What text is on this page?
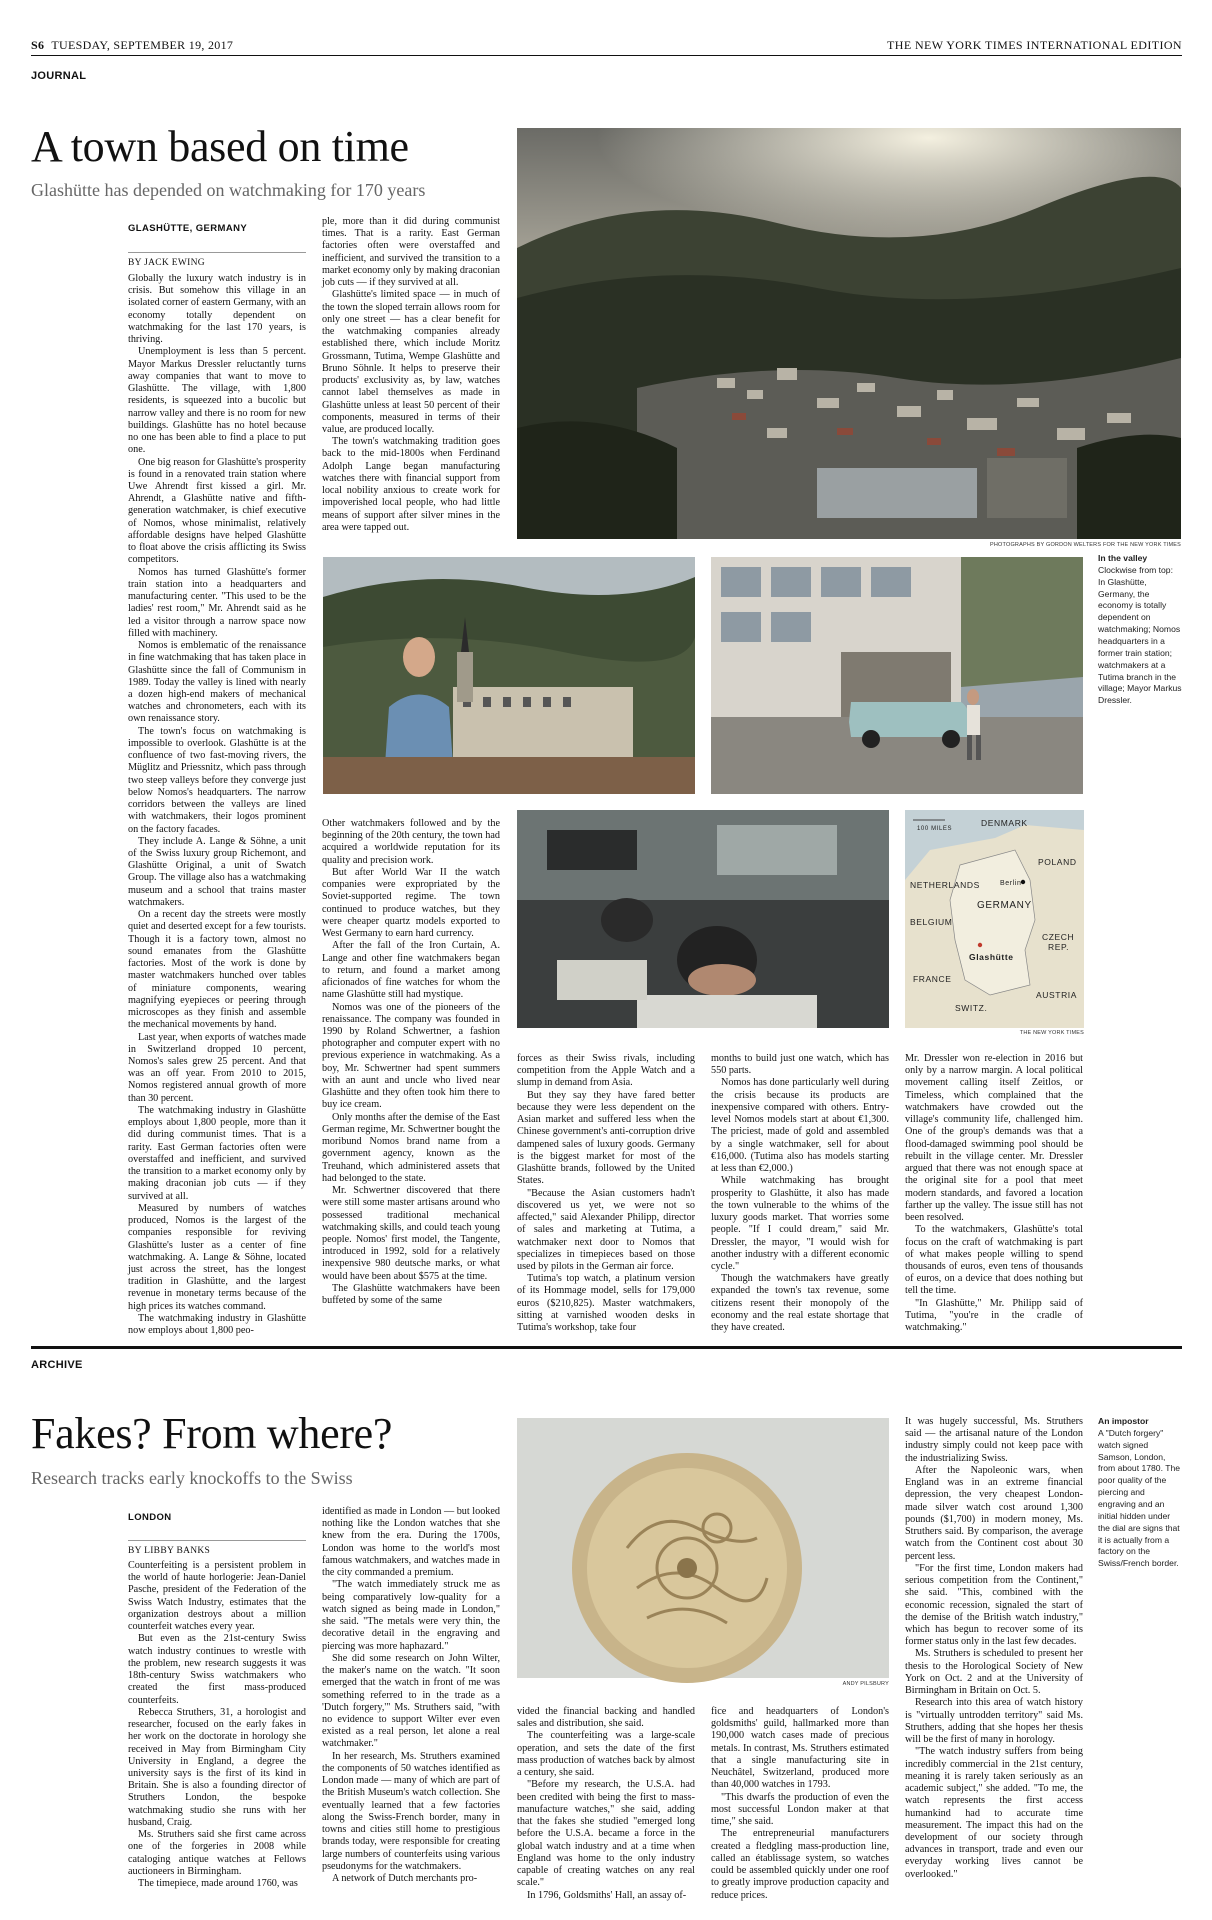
S6 TUESDAY, SEPTEMBER 19, 2017	THE NEW YORK TIMES INTERNATIONAL EDITION
JOURNAL
A town based on time
Glashütte has depended on watchmaking for 170 years
GLASHÜTTE, GERMANY
BY JACK EWING

Globally the luxury watch industry is in crisis. But somehow this village in an isolated corner of eastern Germany, with an economy totally dependent on watchmaking for the last 170 years, is thriving.

Unemployment is less than 5 percent. Mayor Markus Dressler reluctantly turns away companies that want to move to Glashütte. The village, with 1,800 residents, is squeezed into a bucolic but narrow valley and there is no room for new buildings. Glashütte has no hotel because no one has been able to find a place to put one.

One big reason for Glashütte's prosperity is found in a renovated train station where Uwe Ahrendt first kissed a girl. Mr. Ahrendt, a Glashütte native and fifth-generation watchmaker, is chief executive of Nomos, whose minimalist, relatively affordable designs have helped Glashütte to float above the crisis afflicting its Swiss competitors.

Nomos has turned Glashütte's former train station into a headquarters and manufacturing center. "This used to be the ladies' rest room," Mr. Ahrendt said as he led a visitor through a narrow space now filled with machinery.

Nomos is emblematic of the renaissance in fine watchmaking that has taken place in Glashütte since the fall of Communism in 1989. Today the valley is lined with nearly a dozen high-end makers of mechanical watches and chronometers, each with its own renaissance story.

The town's focus on watchmaking is impossible to overlook. Glashütte is at the confluence of two fast-moving rivers, the Müglitz and Priessnitz, which pass through two steep valleys before they converge just below Nomos's headquarters. The narrow corridors between the valleys are lined with watchmakers, their logos prominent on the factory facades.

They include A. Lange & Söhne, a unit of the Swiss luxury group Richemont, and Glashütte Original, a unit of Swatch Group. The village also has a watchmaking museum and a school that trains master watchmakers.

On a recent day the streets were mostly quiet and deserted except for a few tourists. Though it is a factory town, almost no sound emanates from the Glashütte factories. Most of the work is done by master watchmakers hunched over tables of miniature components, wearing magnifying eyepieces or peering through microscopes as they finish and assemble the mechanical movements by hand.

Last year, when exports of watches made in Switzerland dropped 10 percent, Nomos's sales grew 25 percent. And that was an off year. From 2010 to 2015, Nomos registered annual growth of more than 30 percent.

The watchmaking industry in Glashütte employs about 1,800 people, more than it did during communist times. That is a rarity. East German factories often were overstaffed and inefficient, and survived the transition to a market economy only by making draconian job cuts — if they survived at all.

Measured by numbers of watches produced, Nomos is the largest of the companies responsible for reviving Glashütte's luster as a center of fine watchmaking. A. Lange & Söhne, located just across the street, has the longest tradition in Glashütte, and the largest revenue in monetary terms because of the high prices its watches command.

The watchmaking industry in Glashütte now employs about 1,800 peo-

ple, more than it did during communist times. That is a rarity. East German factories often were overstaffed and inefficient, and survived the transition to a market economy only by making draconian job cuts — if they survived at all.

Glashütte's limited space — in much of the town the sloped terrain allows room for only one street — has a clear benefit for the watchmaking companies already established there, which include Moritz Grossmann, Tutima, Wempe Glashütte and Bruno Söhnle. It helps to preserve their products' exclusivity as, by law, watches cannot label themselves as made in Glashütte unless at least 50 percent of their components, measured in terms of their value, are produced locally.

The town's watchmaking tradition goes back to the mid-1800s when Ferdinand Adolph Lange began manufacturing watches there with financial support from local nobility anxious to create work for impoverished local people, who had little means of support after silver mines in the area were tapped out.

Other watchmakers followed and by the beginning of the 20th century, the town had acquired a worldwide reputation for its quality and precision work.

But after World War II the watch companies were expropriated by the Soviet-supported regime. The town continued to produce watches, but they were cheaper quartz models exported to West Germany to earn hard currency.

After the fall of the Iron Curtain, A. Lange and other fine watchmakers began to return, and found a market among aficionados of fine watches for whom the name Glashütte still had mystique.

Nomos was one of the pioneers of the renaissance. The company was founded in 1990 by Roland Schwertner, a fashion photographer and computer expert with no previous experience in watchmaking. As a boy, Mr. Schwertner had spent summers with an aunt and uncle who lived near Glashütte and they often took him there to buy ice cream.

Only months after the demise of the East German regime, Mr. Schwertner bought the moribund Nomos brand name from a government agency, known as the Treuhand, which administered assets that had belonged to the state.

Mr. Schwertner discovered that there were still some master artisans around who possessed traditional mechanical watchmaking skills, and could teach young people. Nomos' first model, the Tangente, introduced in 1992, sold for a relatively inexpensive 980 deutsche marks, or what would have been about $575 at the time.

The Glashütte watchmakers have been buffeted by some of the same

PHOTOGRAPHS BY GORDON WELTERS FOR THE NEW YORK TIMES
In the valley
Clockwise from top: In Glashütte, Germany, the economy is totally dependent on watchmaking; Nomos headquarters in a former train station; watchmakers at a Tutima branch in the village; Mayor Markus Dressler.
100 MILES
DENMARK
POLAND
Berlin
NETHERLANDS
GERMANY
BELGIUM
Glashütte
CZECH
REP.
FRANCE
AUSTRIA
SWITZ.
THE NEW YORK TIMES

forces as their Swiss rivals, including competition from the Apple Watch and a slump in demand from Asia.

But they say they have fared better because they were less dependent on the Asian market and suffered less when the Chinese government's anti-corruption drive dampened sales of luxury goods. Germany is the biggest market for most of the Glashütte brands, followed by the United States.

"Because the Asian customers hadn't discovered us yet, we were not so affected," said Alexander Philipp, director of sales and marketing at Tutima, a watchmaker next door to Nomos that specializes in timepieces based on those used by pilots in the German air force.

Tutima's top watch, a platinum version of its Hommage model, sells for 179,000 euros ($210,825). Master watchmakers, sitting at varnished wooden desks in Tutima's workshop, take four

months to build just one watch, which has 550 parts.

Nomos has done particularly well during the crisis because its products are inexpensive compared with others. Entry-level Nomos models start at about €1,300. The priciest, made of gold and assembled by a single watchmaker, sell for about €16,000. (Tutima also has models starting at less than €2,000.)

While watchmaking has brought prosperity to Glashütte, it also has made the town vulnerable to the whims of the luxury goods market. That worries some people. "If I could dream," said Mr. Dressler, the mayor, "I would wish for another industry with a different economic cycle."

Though the watchmakers have greatly expanded the town's tax revenue, some citizens resent their monopoly of the economy and the real estate shortage that they have created.

Mr. Dressler won re-election in 2016 but only by a narrow margin. A local political movement calling itself Zeitlos, or Timeless, which complained that the watchmakers have crowded out the village's community life, challenged him. One of the group's demands was that a flood-damaged swimming pool should be rebuilt in the village center. Mr. Dressler argued that there was not enough space at the original site for a pool that meet modern standards, and favored a location farther up the valley. The issue still has not been resolved.

To the watchmakers, Glashütte's total focus on the craft of watchmaking is part of what makes people willing to spend thousands of euros, even tens of thousands of euros, on a device that does nothing but tell the time.

"In Glashütte," Mr. Philipp said of Tutima, "you're in the cradle of watchmaking."

ARCHIVE
Fakes? From where?
Research tracks early knockoffs to the Swiss
LONDON
BY LIBBY BANKS

Counterfeiting is a persistent problem in the world of haute horlogerie: Jean-Daniel Pasche, president of the Federation of the Swiss Watch Industry, estimates that the organization destroys about a million counterfeit watches every year.

But even as the 21st-century Swiss watch industry continues to wrestle with the problem, new research suggests it was 18th-century Swiss watchmakers who created the first mass-produced counterfeits.

Rebecca Struthers, 31, a horologist and researcher, focused on the early fakes in her work on the doctorate in horology she received in May from Birmingham City University in England, a degree the university says is the first of its kind in Britain. She is also a founding director of Struthers London, the bespoke watchmaking studio she runs with her husband, Craig.

Ms. Struthers said she first came across one of the forgeries in 2008 while cataloging antique watches at Fellows auctioneers in Birmingham.

The timepiece, made around 1760, was

identified as made in London — but looked nothing like the London watches that she knew from the era. During the 1700s, London was home to the world's most famous watchmakers, and watches made in the city commanded a premium.

"The watch immediately struck me as being comparatively low-quality for a watch signed as being made in London," she said. "The metals were very thin, the decorative detail in the engraving and piercing was more haphazard."

She did some research on John Wilter, the maker's name on the watch. "It soon emerged that the watch in front of me was something referred to in the trade as a 'Dutch forgery,'" Ms. Struthers said, "with no evidence to support Wilter ever even existed as a real person, let alone a real watchmaker."

In her research, Ms. Struthers examined the components of 50 watches identified as London made — many of which are part of the British Museum's watch collection. She eventually learned that a few factories along the Swiss-French border, many in towns and cities still home to prestigious brands today, were responsible for creating large numbers of counterfeits using various pseudonyms for the watchmakers.

A network of Dutch merchants pro-

ANDY PILSBURY

vided the financial backing and handled sales and distribution, she said.

The counterfeiting was a large-scale operation, and sets the date of the first mass production of watches back by almost a century, she said.

"Before my research, the U.S.A. had been credited with being the first to mass-manufacture watches," she said, adding that the fakes she studied "emerged long before the U.S.A. became a force in the global watch industry and at a time when England was home to the only industry capable of creating watches on any real scale."

In 1796, Goldsmiths' Hall, an assay of-

fice and headquarters of London's goldsmiths' guild, hallmarked more than 190,000 watch cases made of precious metals. In contrast, Ms. Struthers estimated that a single manufacturing site in Neuchâtel, Switzerland, produced more than 40,000 watches in 1793.

"This dwarfs the production of even the most successful London maker at that time," she said.

The entrepreneurial manufacturers created a fledgling mass-production line, called an établissage system, so watches could be assembled quickly under one roof to greatly improve production capacity and reduce prices.

It was hugely successful, Ms. Struthers said — the artisanal nature of the London industry simply could not keep pace with the industrializing Swiss.

After the Napoleonic wars, when England was in an extreme financial depression, the very cheapest London-made silver watch cost around 1,300 pounds ($1,700) in modern money, Ms. Struthers said. By comparison, the average watch from the Continent cost about 30 percent less.

"For the first time, London makers had serious competition from the Continent," she said. "This, combined with the economic recession, signaled the start of the demise of the British watch industry," which has begun to recover some of its former status only in the last few decades.

Ms. Struthers is scheduled to present her thesis to the Horological Society of New York on Oct. 2 and at the University of Birmingham in Britain on Oct. 5.

Research into this area of watch history is "virtually untrodden territory" said Ms. Struthers, adding that she hopes her thesis will be the first of many in horology.

"The watch industry suffers from being incredibly commercial in the 21st century, meaning it is rarely taken seriously as an academic subject," she added. "To me, the watch represents the first access humankind had to accurate time measurement. The impact this had on the development of our society through advances in transport, trade and even our everyday working lives cannot be overlooked."

An impostor
A "Dutch forgery" watch signed Samson, London, from about 1780. The poor quality of the piercing and engraving and an initial hidden under the dial are signs that it is actually from a factory on the Swiss/French border.
